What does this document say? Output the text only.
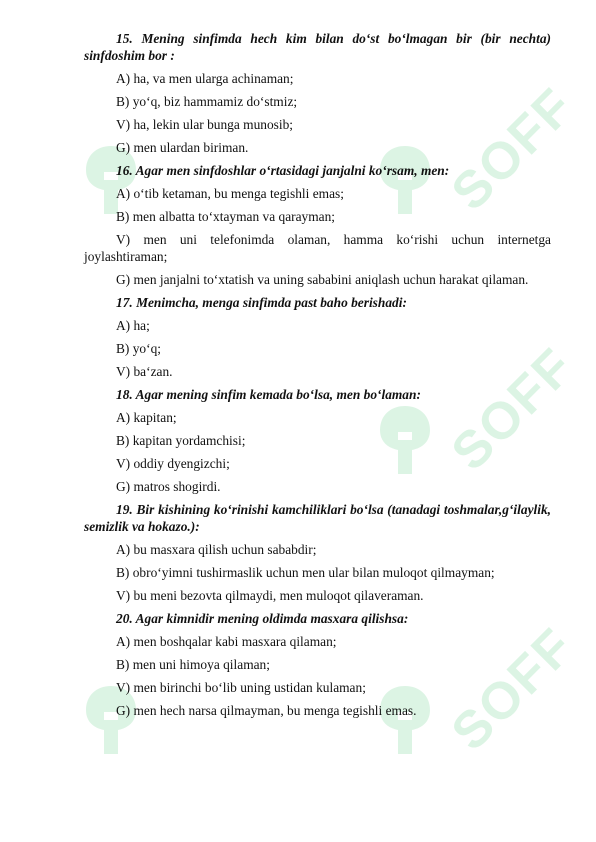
SOFF
SOFF
SOFF

15. Mening sinfimda hech kim bilan do‘st bo‘lmagan bir (bir nechta) sinfdoshim bor :

A) ha, va men ularga achinaman;

B) yo‘q, biz hammamiz do‘stmiz;

V) ha, lekin ular bunga munosib;

G) men ulardan biriman.

16. Agar men sinfdoshlar o‘rtasidagi janjalni ko‘rsam, men:

A) o‘tib ketaman, bu menga tegishli emas;

B) men albatta to‘xtayman va qarayman;

V) men uni telefonimda olaman, hamma ko‘rishi uchun internetga joylashtiraman;

G) men janjalni to‘xtatish va uning sababini aniqlash uchun harakat qilaman.

17. Menimcha, menga sinfimda past baho berishadi:

A) ha;

B) yo‘q;

V) ba‘zan.

18. Agar mening sinfim kemada bo‘lsa, men bo‘laman:

A) kapitan;

B) kapitan yordamchisi;

V) oddiy dyengizchi;

G) matros shogirdi.

19. Bir kishining ko‘rinishi kamchiliklari bo‘lsa (tanadagi toshmalar,g‘ilaylik, semizlik va hokazo.):

A) bu masxara qilish uchun sababdir;

B) obro‘yimni tushirmaslik uchun men ular bilan muloqot qilmayman;

V) bu meni bezovta qilmaydi, men muloqot qilaveraman.

20. Agar kimnidir mening oldimda masxara qilishsa:

A) men boshqalar kabi masxara qilaman;

B) men uni himoya qilaman;

V) men birinchi bo‘lib uning ustidan kulaman;

G) men hech narsa qilmayman, bu menga tegishli emas.
